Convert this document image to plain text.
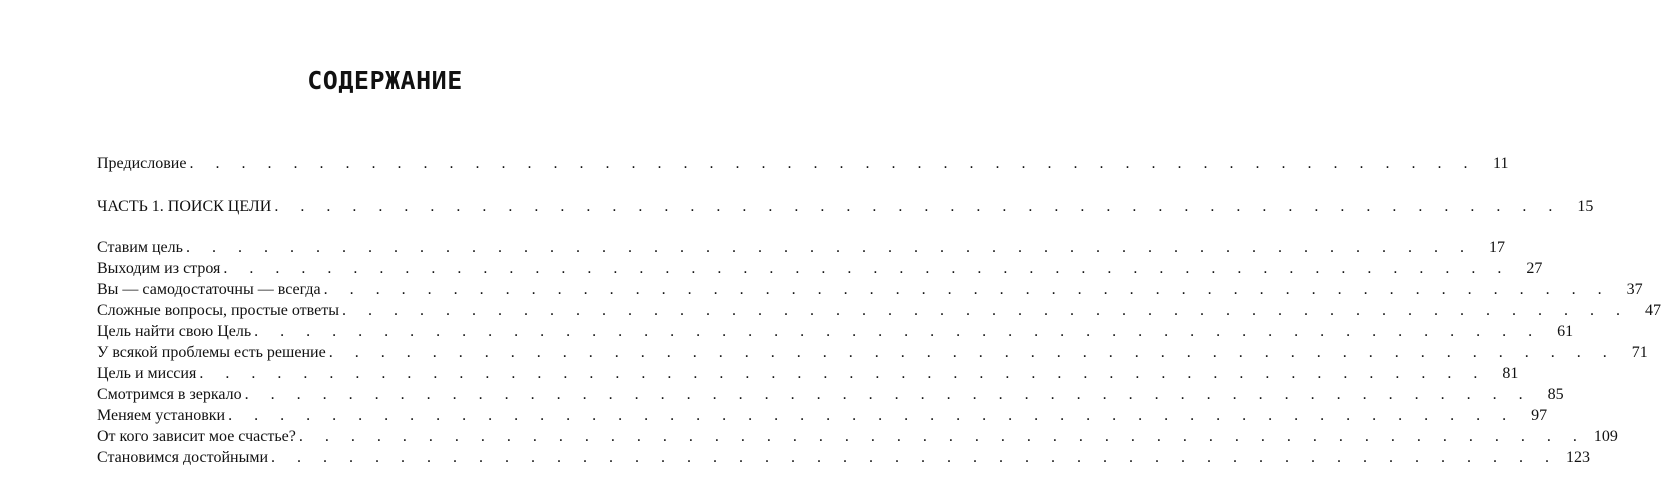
СОДЕРЖАНИЕ
Предисловие . . . . . . . . . . . . . . . . . . . . . . . . . . . . . . . . . . . . . . . . . . . . . . . . . .	11
ЧАСТЬ 1. ПОИСК ЦЕЛИ . . . . . . . . . . . . . . . . . . . . . . . . . . . . . . . . . . . . . . . . . . . . . . . . . .	15
Ставим цель . . . . . . . . . . . . . . . . . . . . . . . . . . . . . . . . . . . . . . . . . . . . . . . . . .	17
Выходим из строя . . . . . . . . . . . . . . . . . . . . . . . . . . . . . . . . . . . . . . . . . . . . . . . . . .	27
Вы — самодостаточны — всегда . . . . . . . . . . . . . . . . . . . . . . . . . . . . . . . . . . . . . . . . . . . . . . . . . .	37
Сложные вопросы, простые ответы . . . . . . . . . . . . . . . . . . . . . . . . . . . . . . . . . . . . . . . . . . . . . . . . . .	47
Цель найти свою Цель . . . . . . . . . . . . . . . . . . . . . . . . . . . . . . . . . . . . . . . . . . . . . . . . . .	61
У всякой проблемы есть решение . . . . . . . . . . . . . . . . . . . . . . . . . . . . . . . . . . . . . . . . . . . . . . . . . .	71
Цель и миссия . . . . . . . . . . . . . . . . . . . . . . . . . . . . . . . . . . . . . . . . . . . . . . . . . .	81
Смотримся в зеркало . . . . . . . . . . . . . . . . . . . . . . . . . . . . . . . . . . . . . . . . . . . . . . . . . .	85
Меняем установки . . . . . . . . . . . . . . . . . . . . . . . . . . . . . . . . . . . . . . . . . . . . . . . . . .	97
От кого зависит мое счастье? . . . . . . . . . . . . . . . . . . . . . . . . . . . . . . . . . . . . . . . . . . . . . . . . . . 109
Становимся достойными . . . . . . . . . . . . . . . . . . . . . . . . . . . . . . . . . . . . . . . . . . . . . . . . . . 123
